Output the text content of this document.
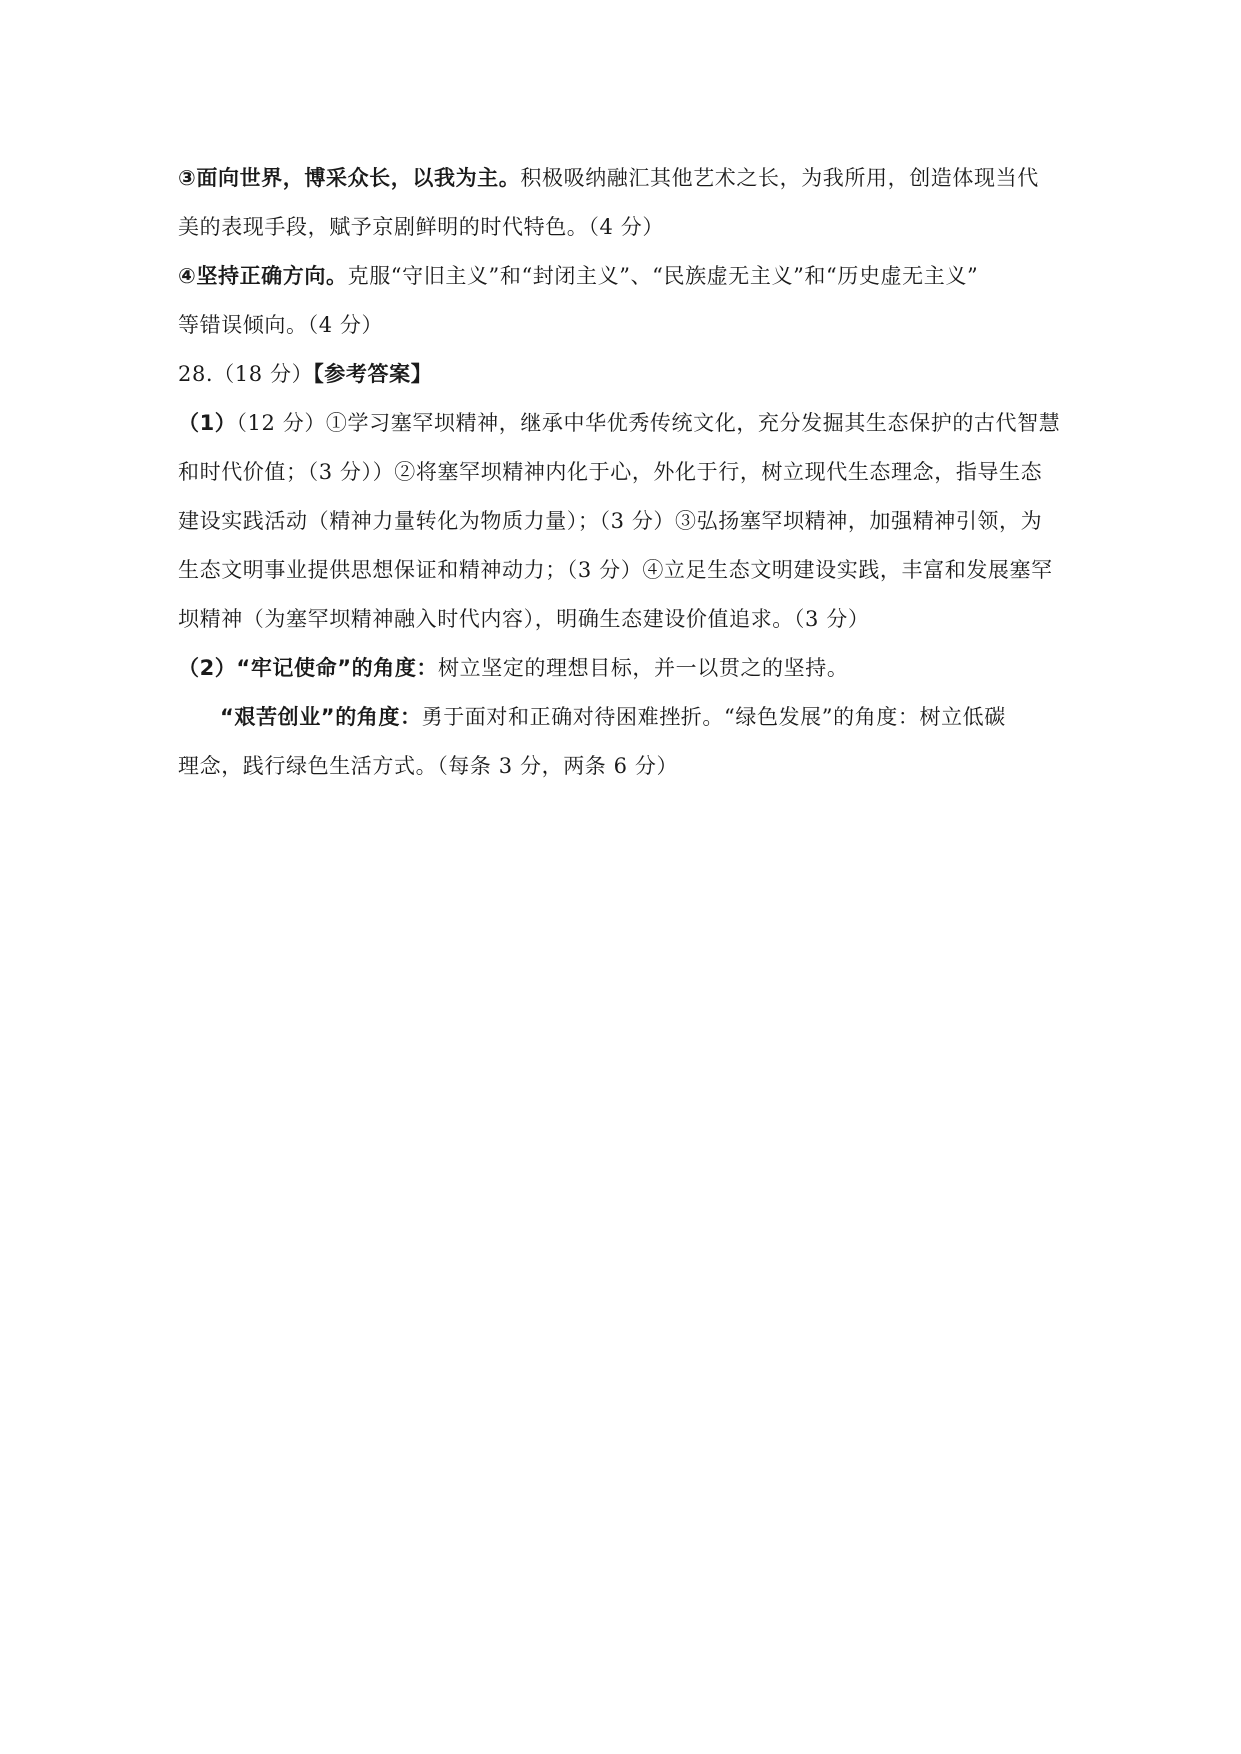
③面向世界，博采众长，以我为主。积极吸纳融汇其他艺术之长，为我所用，创造体现当代
美的表现手段，赋予京剧鲜明的时代特色。（4 分）
④坚持正确方向。克服“守旧主义”和“封闭主义”、“民族虚无主义”和“历史虚无主义”
等错误倾向。（4 分）
28.（18 分）【参考答案】
（1）（12 分）①学习塞罕坝精神，继承中华优秀传统文化，充分发掘其生态保护的古代智慧
和时代价值；（3 分））②将塞罕坝精神内化于心，外化于行，树立现代生态理念，指导生态
建设实践活动（精神力量转化为物质力量）；（3 分）③弘扬塞罕坝精神，加强精神引领，为
生态文明事业提供思想保证和精神动力；（3 分）④立足生态文明建设实践，丰富和发展塞罕
坝精神（为塞罕坝精神融入时代内容），明确生态建设价值追求。（3 分）
（2）“牢记使命”的角度：树立坚定的理想目标，并一以贯之的坚持。
“艰苦创业”的角度：勇于面对和正确对待困难挫折。“绿色发展”的角度：树立低碳
理念，践行绿色生活方式。（每条 3 分，两条 6 分）
